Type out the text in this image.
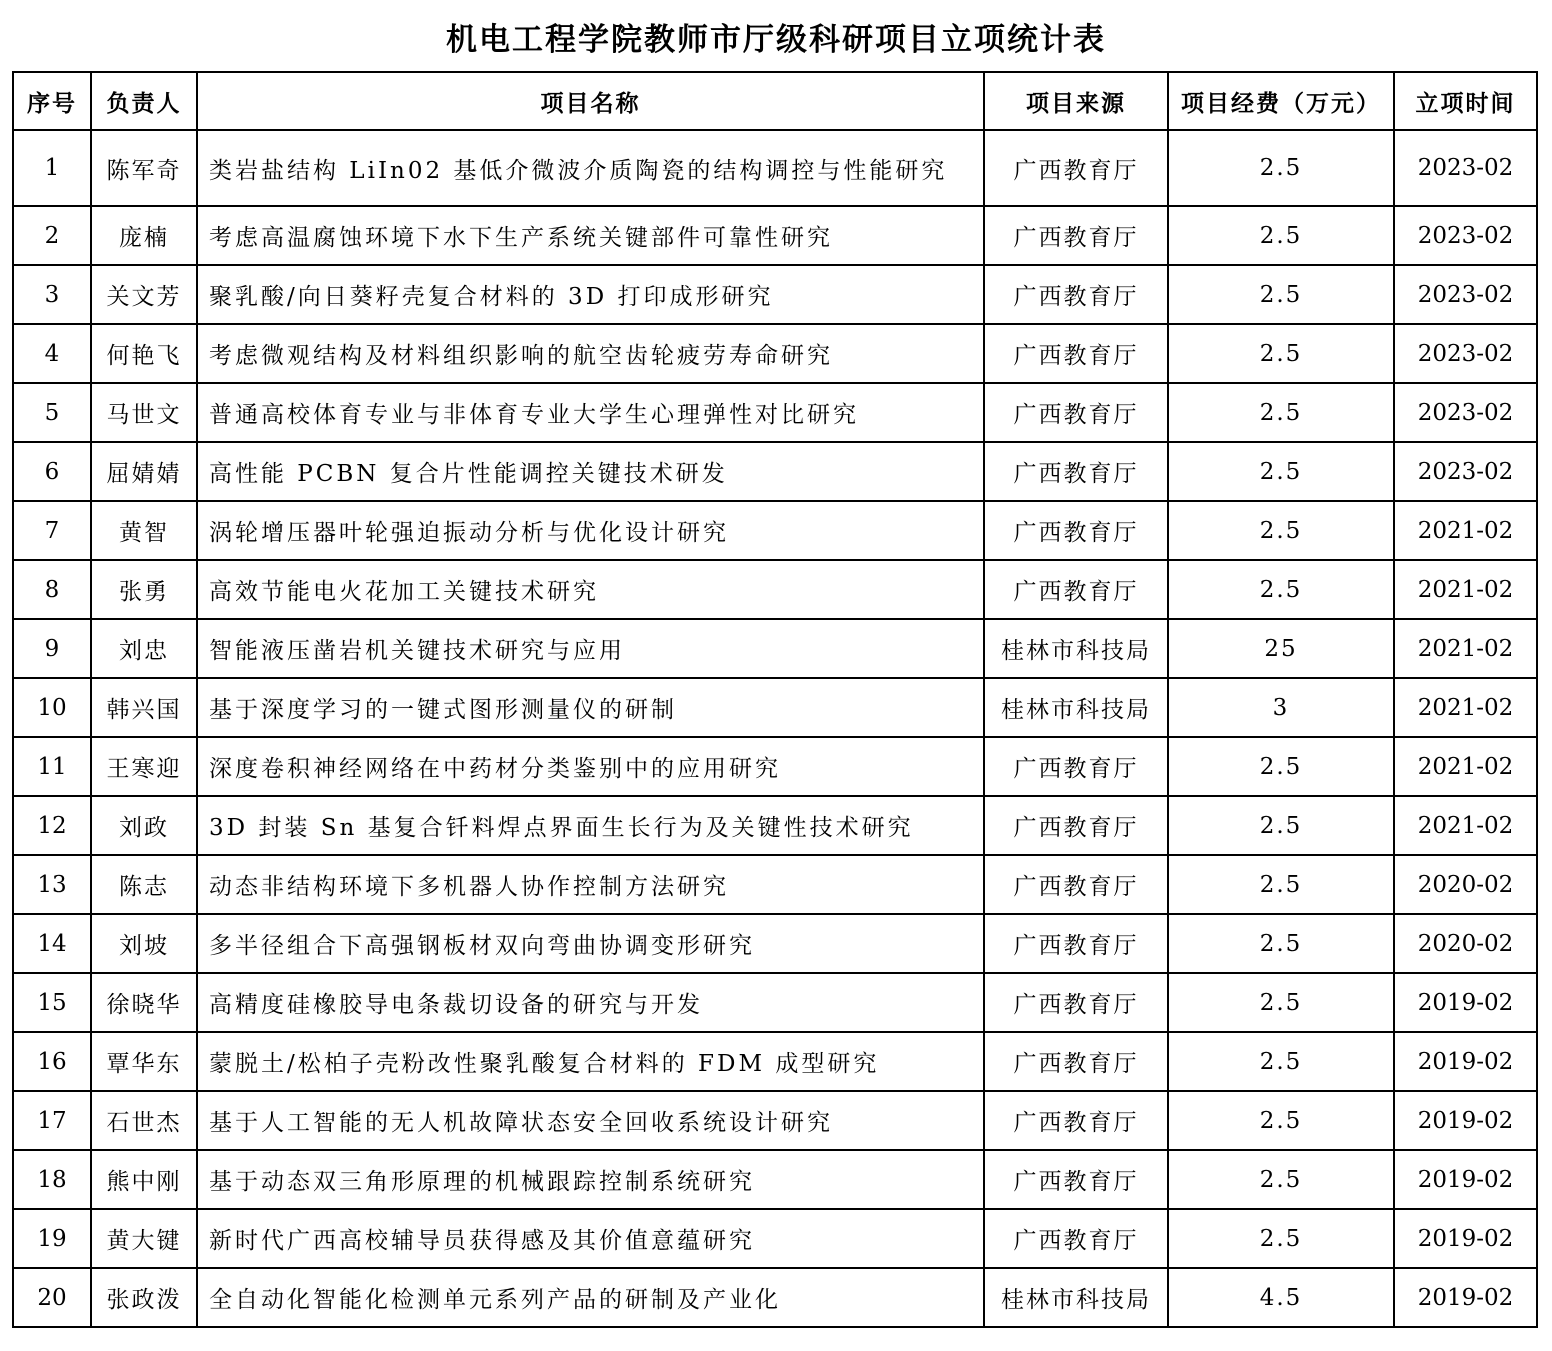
机电工程学院教师市厅级科研项目立项统计表
序号	负责人	项目名称	项目来源	项目经费（万元）	立项时间
1	陈军奇	类岩盐结构 LiIn02 基低介微波介质陶瓷的结构调控与性能研究	广西教育厅	2.5	2023-02
2	庞楠	考虑高温腐蚀环境下水下生产系统关键部件可靠性研究	广西教育厅	2.5	2023-02
3	关文芳	聚乳酸/向日葵籽壳复合材料的 3D 打印成形研究	广西教育厅	2.5	2023-02
4	何艳飞	考虑微观结构及材料组织影响的航空齿轮疲劳寿命研究	广西教育厅	2.5	2023-02
5	马世文	普通高校体育专业与非体育专业大学生心理弹性对比研究	广西教育厅	2.5	2023-02
6	屈婧婧	高性能 PCBN 复合片性能调控关键技术研发	广西教育厅	2.5	2023-02
7	黄智	涡轮增压器叶轮强迫振动分析与优化设计研究	广西教育厅	2.5	2021-02
8	张勇	高效节能电火花加工关键技术研究	广西教育厅	2.5	2021-02
9	刘忠	智能液压凿岩机关键技术研究与应用	桂林市科技局	25	2021-02
10	韩兴国	基于深度学习的一键式图形测量仪的研制	桂林市科技局	3	2021-02
11	王寒迎	深度卷积神经网络在中药材分类鉴别中的应用研究	广西教育厅	2.5	2021-02
12	刘政	3D 封装 Sn 基复合钎料焊点界面生长行为及关键性技术研究	广西教育厅	2.5	2021-02
13	陈志	动态非结构环境下多机器人协作控制方法研究	广西教育厅	2.5	2020-02
14	刘坡	多半径组合下高强钢板材双向弯曲协调变形研究	广西教育厅	2.5	2020-02
15	徐晓华	高精度硅橡胶导电条裁切设备的研究与开发	广西教育厅	2.5	2019-02
16	覃华东	蒙脱土/松柏子壳粉改性聚乳酸复合材料的 FDM 成型研究	广西教育厅	2.5	2019-02
17	石世杰	基于人工智能的无人机故障状态安全回收系统设计研究	广西教育厅	2.5	2019-02
18	熊中刚	基于动态双三角形原理的机械跟踪控制系统研究	广西教育厅	2.5	2019-02
19	黄大键	新时代广西高校辅导员获得感及其价值意蕴研究	广西教育厅	2.5	2019-02
20	张政泼	全自动化智能化检测单元系列产品的研制及产业化	桂林市科技局	4.5	2019-02
